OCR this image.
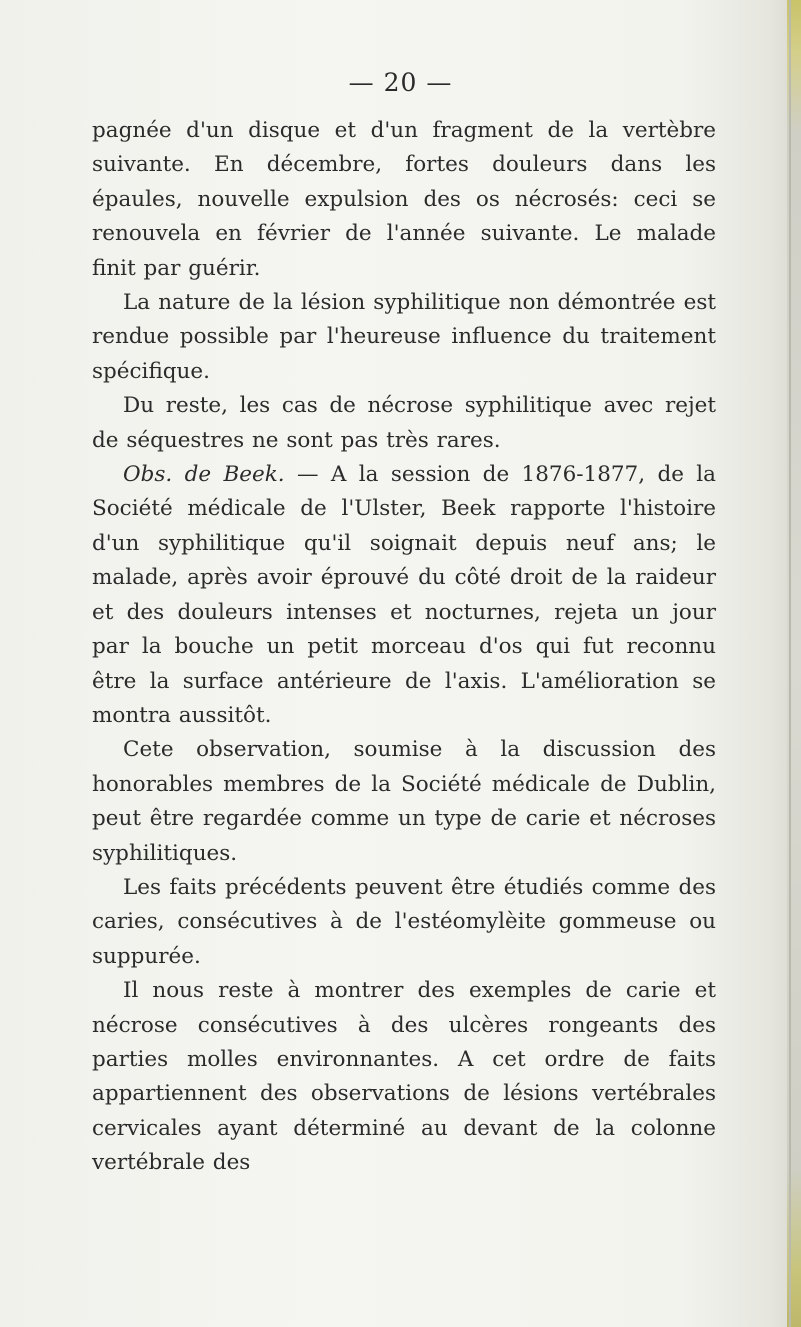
— 20 —

pagnée d'un disque et d'un fragment de la vertèbre suivante. En décembre, fortes douleurs dans les épaules, nouvelle expulsion des os nécrosés: ceci se renouvela en février de l'année suivante. Le malade finit par guérir.

La nature de la lésion syphilitique non démontrée est rendue possible par l'heureuse influence du traitement spécifique.

Du reste, les cas de nécrose syphilitique avec rejet de séquestres ne sont pas très rares.

Obs. de Beek. — A la session de 1876-1877, de la Société médicale de l'Ulster, Beek rapporte l'histoire d'un syphilitique qu'il soignait depuis neuf ans; le malade, après avoir éprouvé du côté droit de la raideur et des douleurs intenses et nocturnes, rejeta un jour par la bouche un petit morceau d'os qui fut reconnu être la surface antérieure de l'axis. L'amélioration se montra aussitôt.

Cete observation, soumise à la discussion des honorables membres de la Société médicale de Dublin, peut être regardée comme un type de carie et nécroses syphilitiques.

Les faits précédents peuvent être étudiés comme des caries, consécutives à de l'estéomylèite gommeuse ou suppurée.

Il nous reste à montrer des exemples de carie et nécrose consécutives à des ulcères rongeants des parties molles environnantes. A cet ordre de faits appartiennent des observations de lésions vertébrales cervicales ayant déterminé au devant de la colonne vertébrale des
